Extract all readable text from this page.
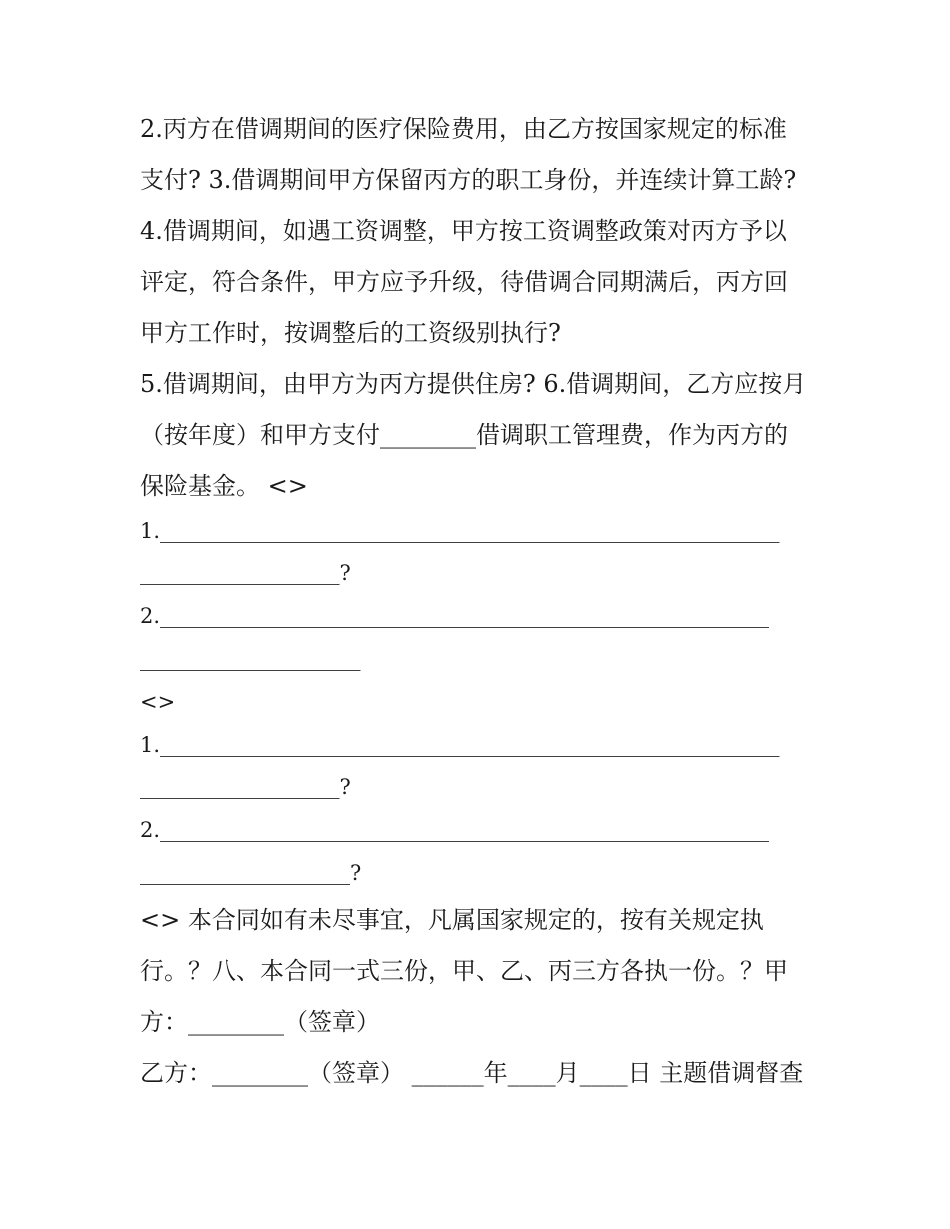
2.丙方在借调期间的医疗保险费用，由乙方按国家规定的标准
支付? 3.借调期间甲方保留丙方的职工身份，并连续计算工龄?
4.借调期间，如遇工资调整，甲方按工资调整政策对丙方予以
评定，符合条件，甲方应予升级，待借调合同期满后，丙方回
甲方工作时，按调整后的工资级别执行?
5.借调期间，由甲方为丙方提供住房? 6.借调期间，乙方应按月
（按年度）和甲方支付________借调职工管理费，作为丙方的
保险基金。 <>
1.___________________________________________________________
___________________?
2.__________________________________________________________
_____________________
<>
1.___________________________________________________________
___________________?
2.__________________________________________________________
____________________?
<> 本合同如有未尽事宜，凡属国家规定的，按有关规定执
行。？八、本合同一式三份，甲、乙、丙三方各执一份。？甲
方：________（签章）
乙方：________（签章） ______年____月____日 主题借调督查
